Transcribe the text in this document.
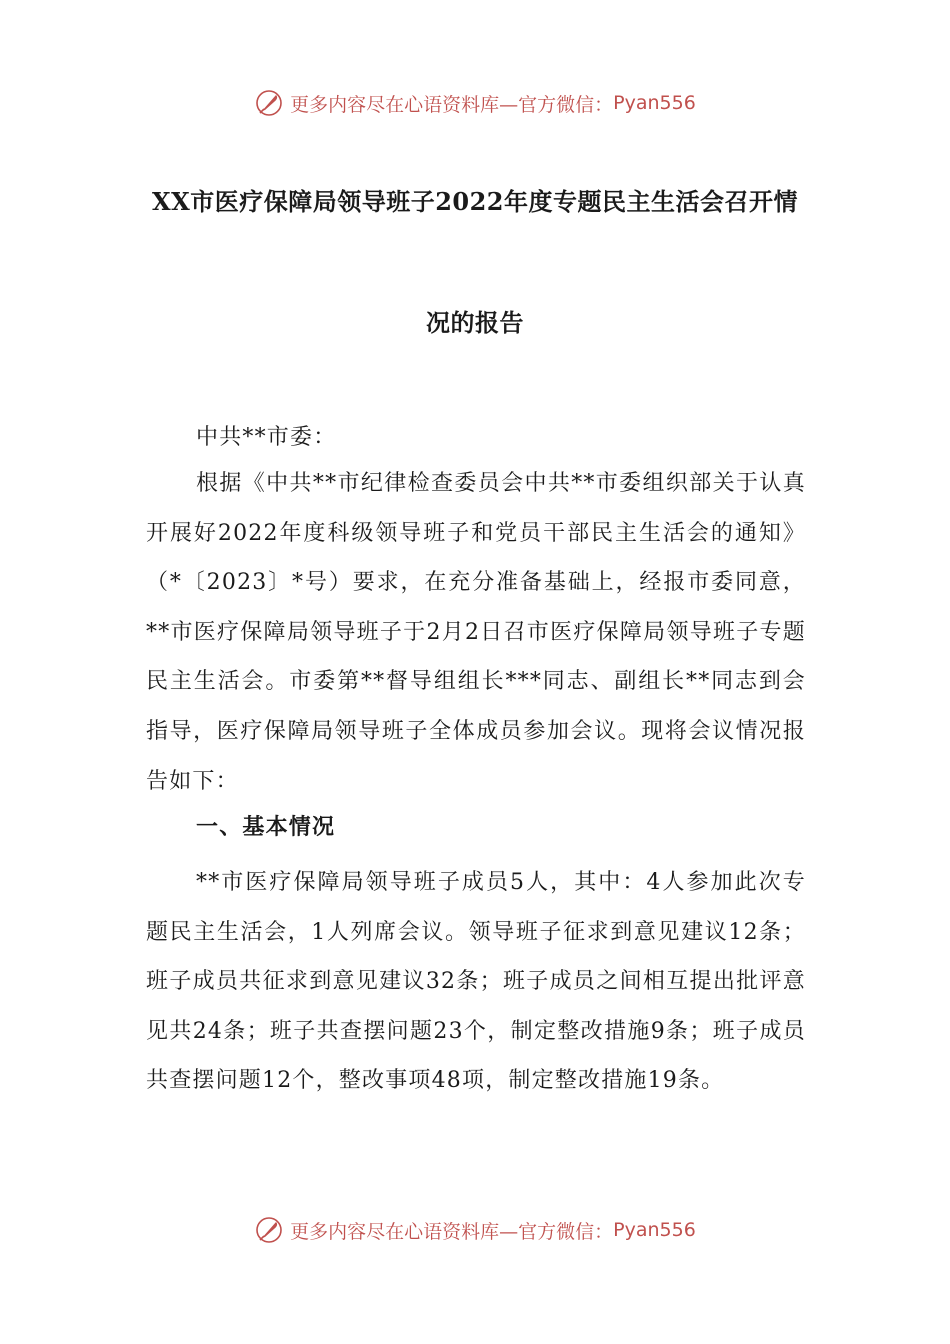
更多内容尽在心语资料库—官方微信： Pyan556
XX市医疗保障局领导班子2022年度专题民主生活会召开情
况的报告
中共**市委：
根据《中共**市纪律检查委员会中共**市委组织部关于认真开展好2022年度科级领导班子和党员干部民主生活会的通知》（*〔2023〕*号）要求，在充分准备基础上，经报市委同意，**市医疗保障局领导班子于2月2日召市医疗保障局领导班子专题民主生活会。市委第**督导组组长***同志、副组长**同志到会指导，医疗保障局领导班子全体成员参加会议。现将会议情况报告如下：
一、基本情况
**市医疗保障局领导班子成员5人，其中：4人参加此次专题民主生活会，1人列席会议。领导班子征求到意见建议12条；班子成员共征求到意见建议32条；班子成员之间相互提出批评意见共24条；班子共查摆问题23个，制定整改措施9条；班子成员共查摆问题12个，整改事项48项，制定整改措施19条。
更多内容尽在心语资料库—官方微信： Pyan556
